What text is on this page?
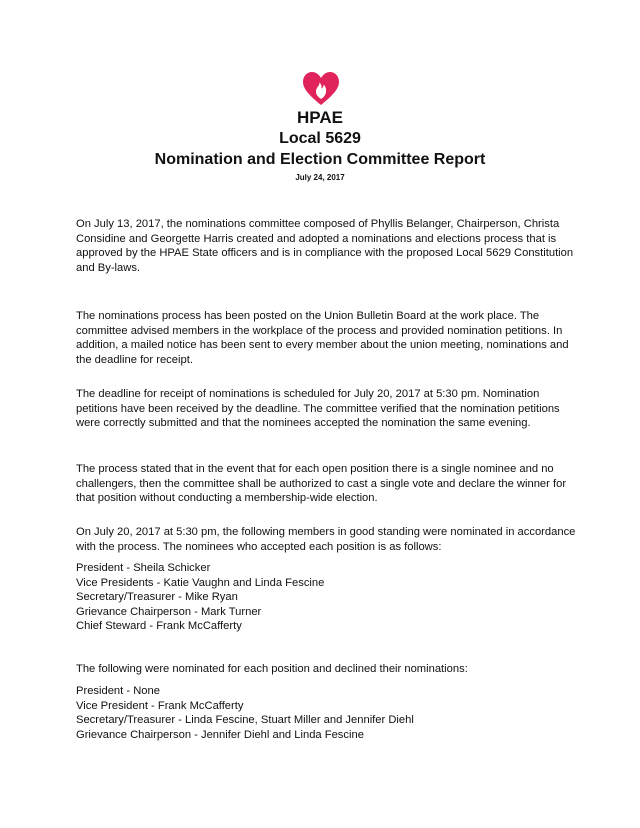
HPAE
Local 5629
Nomination and Election Committee Report
July 24, 2017

On July 13, 2017, the nominations committee composed of Phyllis Belanger, Chairperson, Christa Considine and Georgette Harris created and adopted a nominations and elections process that is approved by the HPAE State officers and is in compliance with the proposed Local 5629 Constitution and By-laws.

The nominations process has been posted on the Union Bulletin Board at the work place. The committee advised members in the workplace of the process and provided nomination petitions. In addition, a mailed notice has been sent to every member about the union meeting, nominations and the deadline for receipt.

The deadline for receipt of nominations is scheduled for July 20, 2017 at 5:30 pm. Nomination petitions have been received by the deadline. The committee verified that the nomination petitions were correctly submitted and that the nominees accepted the nomination the same evening.

The process stated that in the event that for each open position there is a single nominee and no challengers, then the committee shall be authorized to cast a single vote and declare the winner for that position without conducting a membership-wide election.

On July 20, 2017 at 5:30 pm, the following members in good standing were nominated in accordance with the process. The nominees who accepted each position is as follows:

President - Sheila Schicker
Vice Presidents - Katie Vaughn and Linda Fescine
Secretary/Treasurer - Mike Ryan
Grievance Chairperson - Mark Turner
Chief Steward - Frank McCafferty

The following were nominated for each position and declined their nominations:

President - None
Vice President - Frank McCafferty
Secretary/Treasurer - Linda Fescine, Stuart Miller and Jennifer Diehl
Grievance Chairperson - Jennifer Diehl and Linda Fescine
